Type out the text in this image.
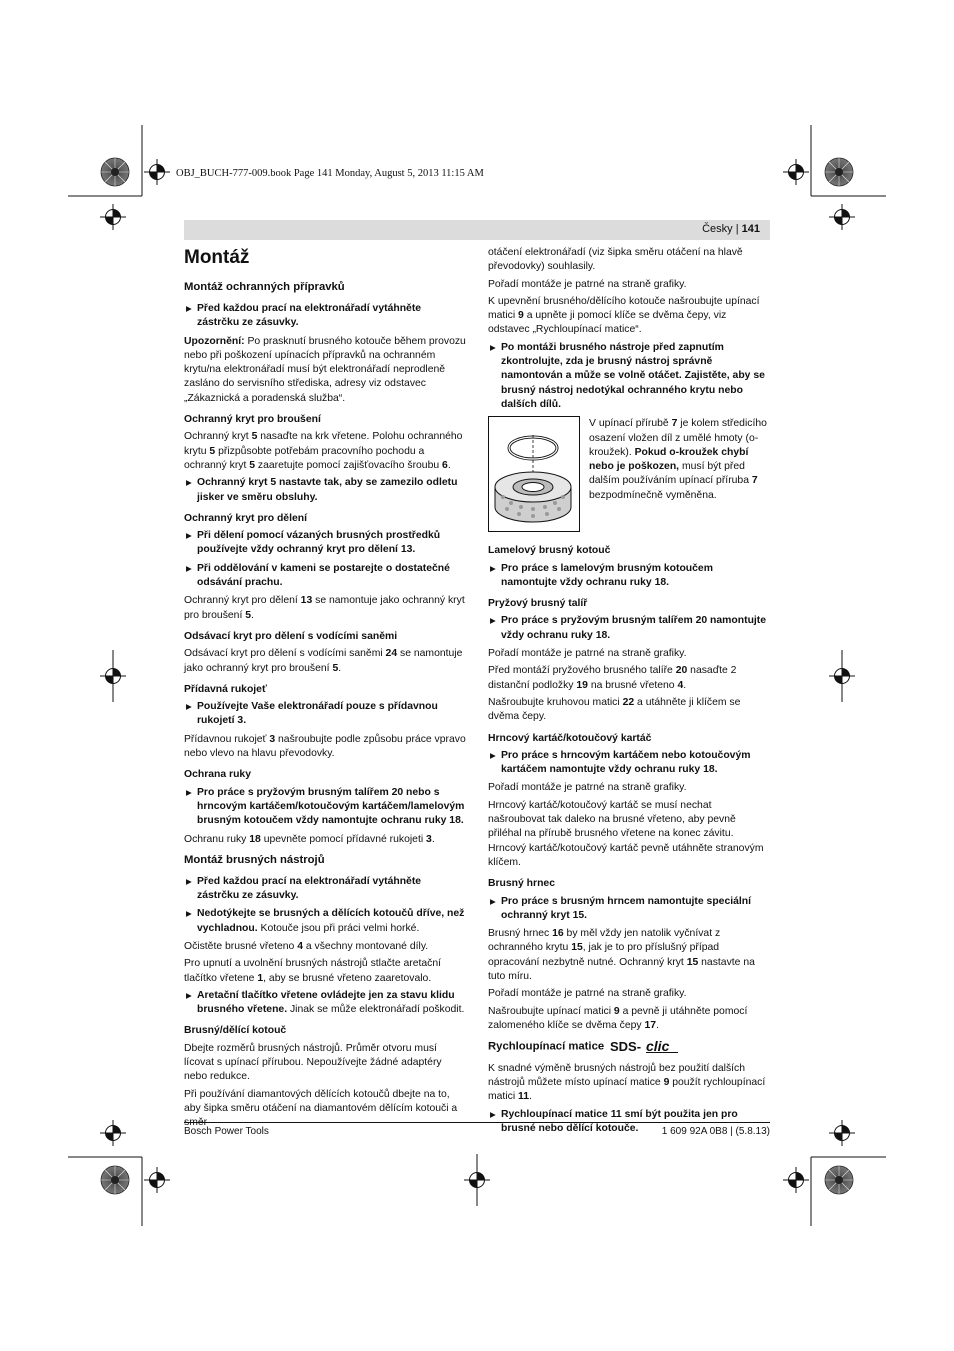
OBJ_BUCH-777-009.book Page 141 Monday, August 5, 2013 11:15 AM
Česky | 141
Montáž
Montáž ochranných přípravků
▶ Před každou prací na elektronářadí vytáhněte zástrčku ze zásuvky.
Upozornění: Po prasknutí brusného kotouče během provozu nebo při poškození upínacích přípravků na ochranném krytu/na elektronářadí musí být elektronářadí neprodleně zasláno do servisního střediska, adresy viz odstavec „Zákaznická a poradenská služba“.
Ochranný kryt pro broušení
Ochranný kryt 5 nasaďte na krk vřetene. Polohu ochranného krytu 5 přizpůsobte potřebám pracovního pochodu a ochranný kryt 5 zaaretujte pomocí zajišťovacího šroubu 6.
▶ Ochranný kryt 5 nastavte tak, aby se zamezilo odletu jisker ve směru obsluhy.
Ochranný kryt pro dělení
▶ Při dělení pomocí vázaných brusných prostředků používejte vždy ochranný kryt pro dělení 13.
▶ Při oddělování v kameni se postarejte o dostatečné odsávání prachu.
Ochranný kryt pro dělení 13 se namontuje jako ochranný kryt pro broušení 5.
Odsávací kryt pro dělení s vodícími saněmi
Odsávací kryt pro dělení s vodícími saněmi 24 se namontuje jako ochranný kryt pro broušení 5.
Přídavná rukojeť
▶ Používejte Vaše elektronářadí pouze s přídavnou rukojetí 3.
Přídavnou rukojeť 3 našroubujte podle způsobu práce vpravo nebo vlevo na hlavu převodovky.
Ochrana ruky
▶ Pro práce s pryžovým brusným talířem 20 nebo s hrncovým kartáčem/kotoučovým kartáčem/lamelovým brusným kotoučem vždy namontujte ochranu ruky 18.
Ochranu ruky 18 upevněte pomocí přídavné rukojeti 3.
Montáž brusných nástrojů
▶ Před každou prací na elektronářadí vytáhněte zástrčku ze zásuvky.
▶ Nedotýkejte se brusných a dělících kotoučů dříve, než vychladnou. Kotouče jsou při práci velmi horké.
Očistěte brusné vřeteno 4 a všechny montované díly.
Pro upnutí a uvolnění brusných nástrojů stlačte aretační tlačítko vřetene 1, aby se brusné vřeteno zaaretovalo.
▶ Aretační tlačítko vřetene ovládejte jen za stavu klidu brusného vřetene. Jinak se může elektronářadí poškodit.
Brusný/dělící kotouč
Dbejte rozměrů brusných nástrojů. Průměr otvoru musí lícovat s upínací přírubou. Nepoužívejte žádné adaptéry nebo redukce.
Při používání diamantových dělících kotoučů dbejte na to, aby šipka směru otáčení na diamantovém dělícím kotouči a směr
otáčení elektronářadí (viz šipka směru otáčení na hlavě převodovky) souhlasily.
Pořadí montáže je patrné na straně grafiky.
K upevnění brusného/dělícího kotouče našroubujte upínací matici 9 a upněte ji pomocí klíče se dvěma čepy, viz odstavec „Rychloupínací matice“.
▶ Po montáži brusného nástroje před zapnutím zkontrolujte, zda je brusný nástroj správně namontován a může se volně otáčet. Zajistěte, aby se brusný nástroj nedotýkal ochranného krytu nebo dalších dílů.
V upínací přírubě 7 je kolem středicího osazení vložen díl z umělé hmoty (o-kroužek). Pokud o-kroužek chybí nebo je poškozen, musí být před dalším používáním upínací příruba 7 bezpodmínečně vyměněna.
Lamelový brusný kotouč
▶ Pro práce s lamelovým brusným kotoučem namontujte vždy ochranu ruky 18.
Pryžový brusný talíř
▶ Pro práce s pryžovým brusným talířem 20 namontujte vždy ochranu ruky 18.
Pořadí montáže je patrné na straně grafiky.
Před montáží pryžového brusného talíře 20 nasaďte 2 distanční podložky 19 na brusné vřeteno 4.
Našroubujte kruhovou matici 22 a utáhněte ji klíčem se dvěma čepy.
Hrncový kartáč/kotoučový kartáč
▶ Pro práce s hrncovým kartáčem nebo kotoučovým kartáčem namontujte vždy ochranu ruky 18.
Pořadí montáže je patrné na straně grafiky.
Hrncový kartáč/kotoučový kartáč se musí nechat našroubovat tak daleko na brusné vřeteno, aby pevně přiléhal na přírubě brusného vřetene na konec závitu. Hrncový kartáč/kotoučový kartáč pevně utáhněte stranovým klíčem.
Brusný hrnec
▶ Pro práce s brusným hrncem namontujte speciální ochranný kryt 15.
Brusný hrnec 16 by měl vždy jen natolik vyčnívat z ochranného krytu 15, jak je to pro příslušný případ opracování nezbytně nutné. Ochranný kryt 15 nastavte na tuto míru.
Pořadí montáže je patrné na straně grafiky.
Našroubujte upínací matici 9 a pevně ji utáhněte pomocí zalomeného klíče se dvěma čepy 17.
Rychloupínací matice SDS- clic
K snadné výměně brusných nástrojů bez použití dalších nástrojů můžete místo upínací matice 9 použít rychloupínací matici 11.
▶ Rychloupínací matice 11 smí být použita jen pro brusné nebo dělící kotouče.
Bosch Power Tools	1 609 92A 0B8 | (5.8.13)
